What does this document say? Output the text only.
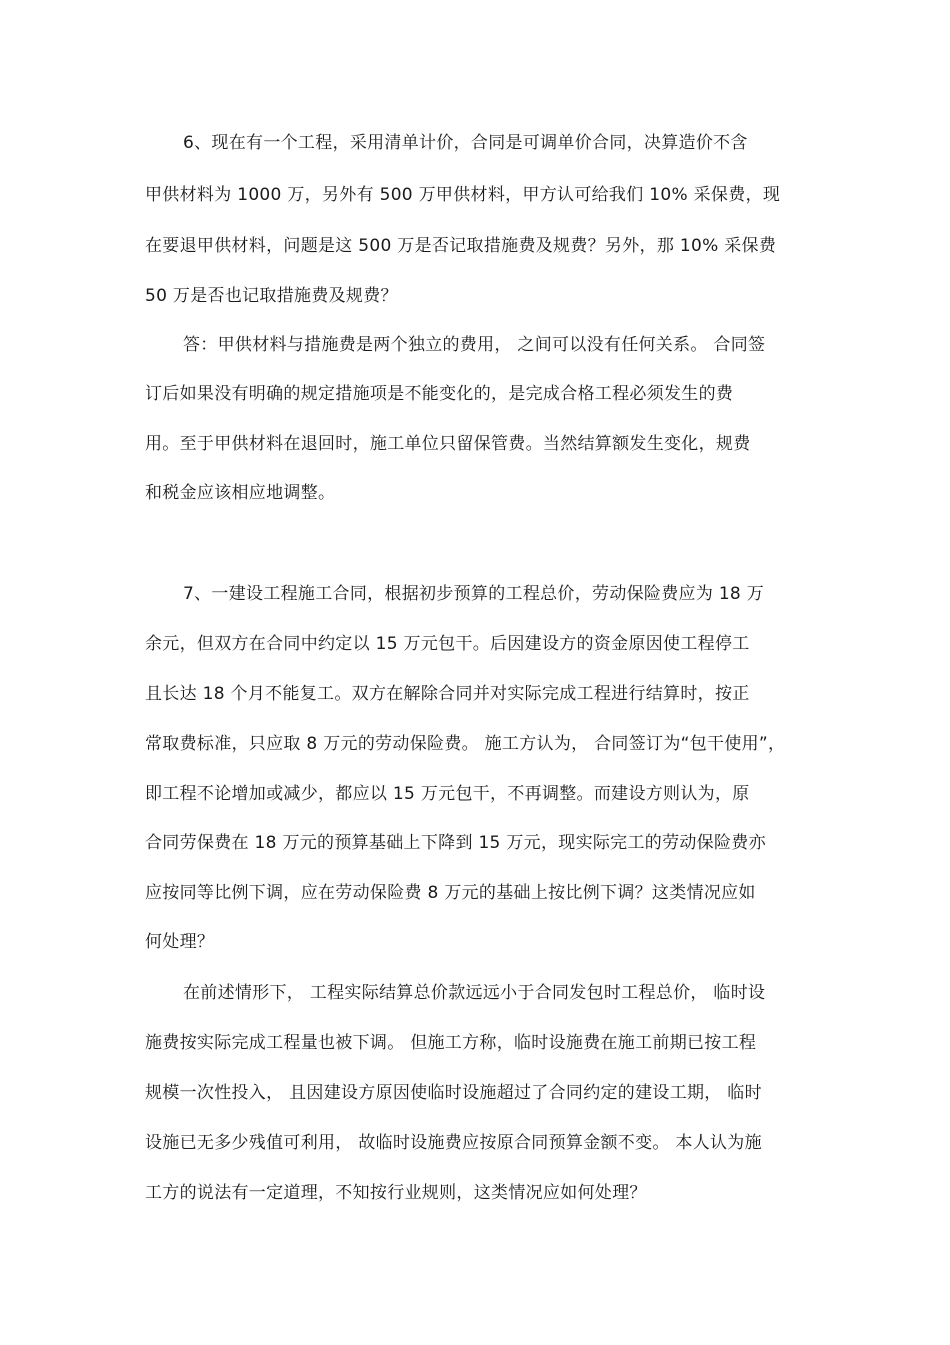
6、现在有一个工程，采用清单计价，合同是可调单价合同，决算造价不含
甲供材料为 1000 万，另外有 500 万甲供材料，甲方认可给我们 10% 采保费，现
在要退甲供材料，问题是这 500 万是否记取措施费及规费？另外，那 10% 采保费
50 万是否也记取措施费及规费？
答：甲供材料与措施费是两个独立的费用， 之间可以没有任何关系。 合同签
订后如果没有明确的规定措施项是不能变化的，是完成合格工程必须发生的费
用。至于甲供材料在退回时，施工单位只留保管费。当然结算额发生变化，规费
和税金应该相应地调整。
7、一建设工程施工合同，根据初步预算的工程总价，劳动保险费应为 18 万
余元，但双方在合同中约定以 15 万元包干。后因建设方的资金原因使工程停工
且长达 18 个月不能复工。双方在解除合同并对实际完成工程进行结算时，按正
常取费标准，只应取 8 万元的劳动保险费。 施工方认为， 合同签订为“包干使用”，
即工程不论增加或减少，都应以 15 万元包干，不再调整。而建设方则认为，原
合同劳保费在 18 万元的预算基础上下降到 15 万元，现实际完工的劳动保险费亦
应按同等比例下调，应在劳动保险费 8 万元的基础上按比例下调？这类情况应如
何处理？
在前述情形下， 工程实际结算总价款远远小于合同发包时工程总价， 临时设
施费按实际完成工程量也被下调。 但施工方称，临时设施费在施工前期已按工程
规模一次性投入， 且因建设方原因使临时设施超过了合同约定的建设工期， 临时
设施已无多少残值可利用， 故临时设施费应按原合同预算金额不变。 本人认为施
工方的说法有一定道理，不知按行业规则，这类情况应如何处理？
